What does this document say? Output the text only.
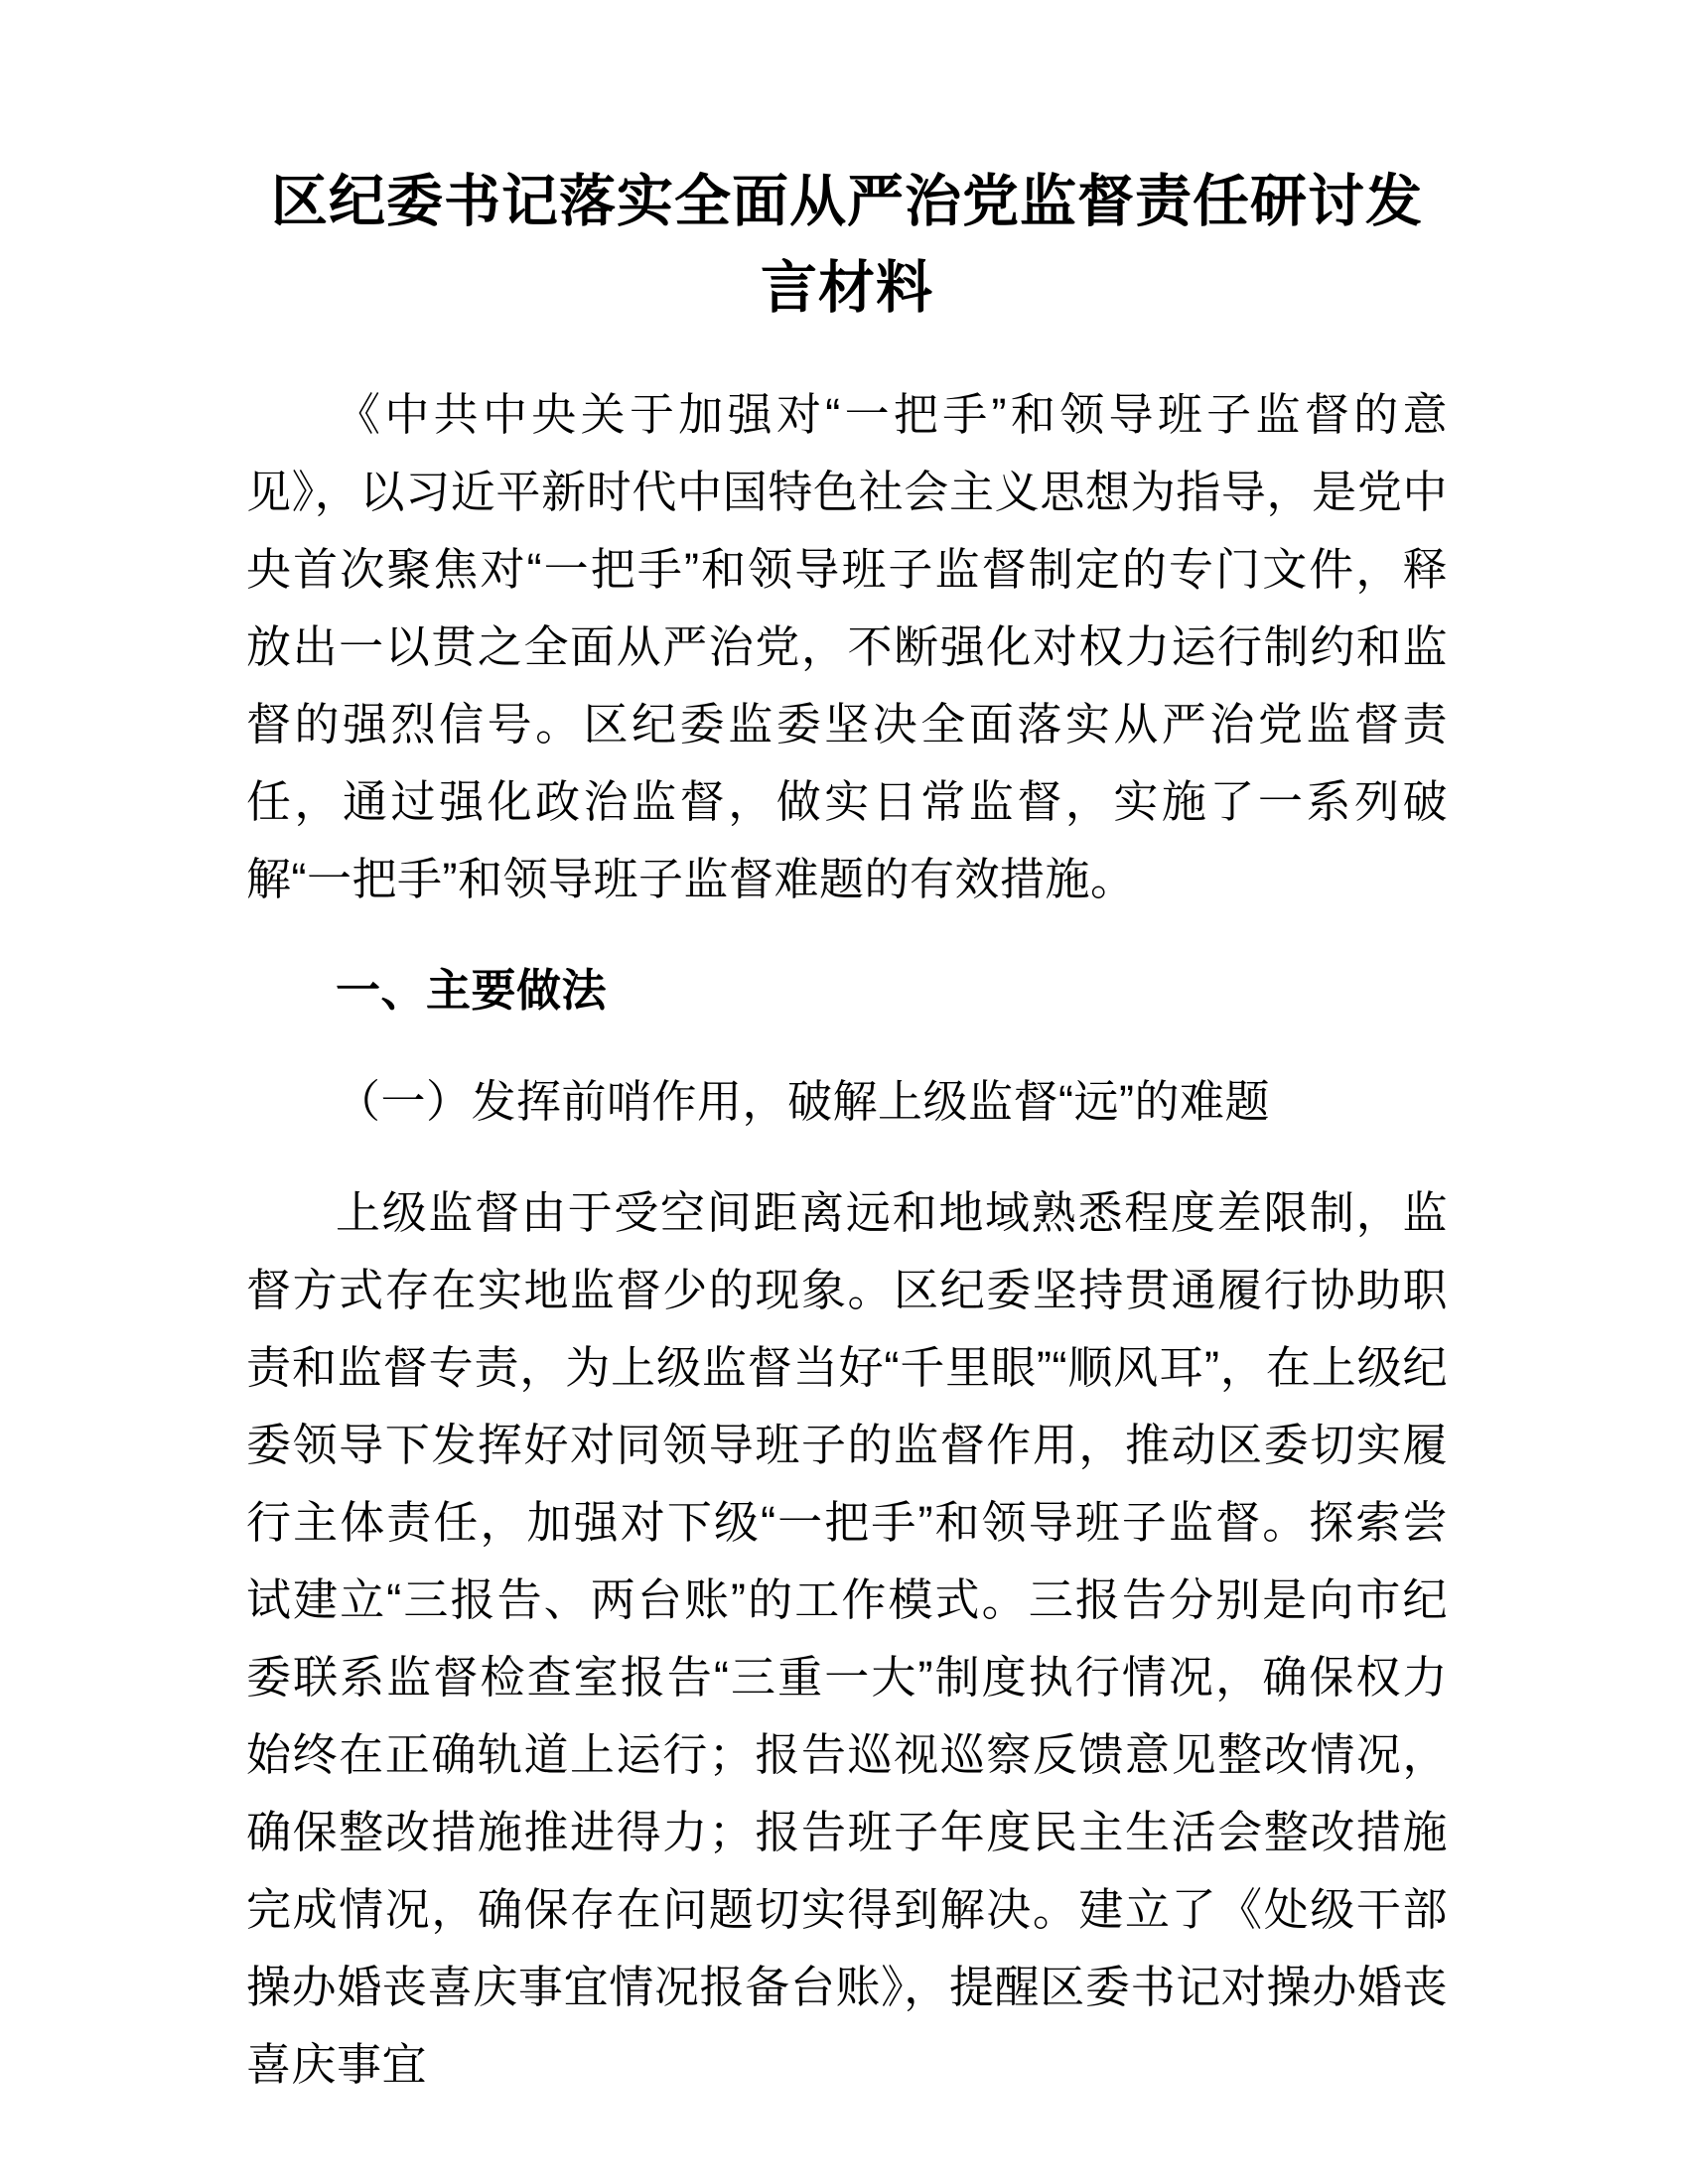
区纪委书记落实全面从严治党监督责任研讨发言材料

《中共中央关于加强对“一把手”和领导班子监督的意见》，以习近平新时代中国特色社会主义思想为指导，是党中央首次聚焦对“一把手”和领导班子监督制定的专门文件，释放出一以贯之全面从严治党，不断强化对权力运行制约和监督的强烈信号。区纪委监委坚决全面落实从严治党监督责任，通过强化政治监督，做实日常监督，实施了一系列破解“一把手”和领导班子监督难题的有效措施。

一、主要做法

（一）发挥前哨作用，破解上级监督“远”的难题

上级监督由于受空间距离远和地域熟悉程度差限制，监督方式存在实地监督少的现象。区纪委坚持贯通履行协助职责和监督专责，为上级监督当好“千里眼”“顺风耳”，在上级纪委领导下发挥好对同领导班子的监督作用，推动区委切实履行主体责任，加强对下级“一把手”和领导班子监督。探索尝试建立“三报告、两台账”的工作模式。三报告分别是向市纪委联系监督检查室报告“三重一大”制度执行情况，确保权力始终在正确轨道上运行；报告巡视巡察反馈意见整改情况，确保整改措施推进得力；报告班子年度民主生活会整改措施完成情况，确保存在问题切实得到解决。建立了《处级干部操办婚丧喜庆事宜情况报备台账》，提醒区委书记对操办婚丧喜庆事宜
